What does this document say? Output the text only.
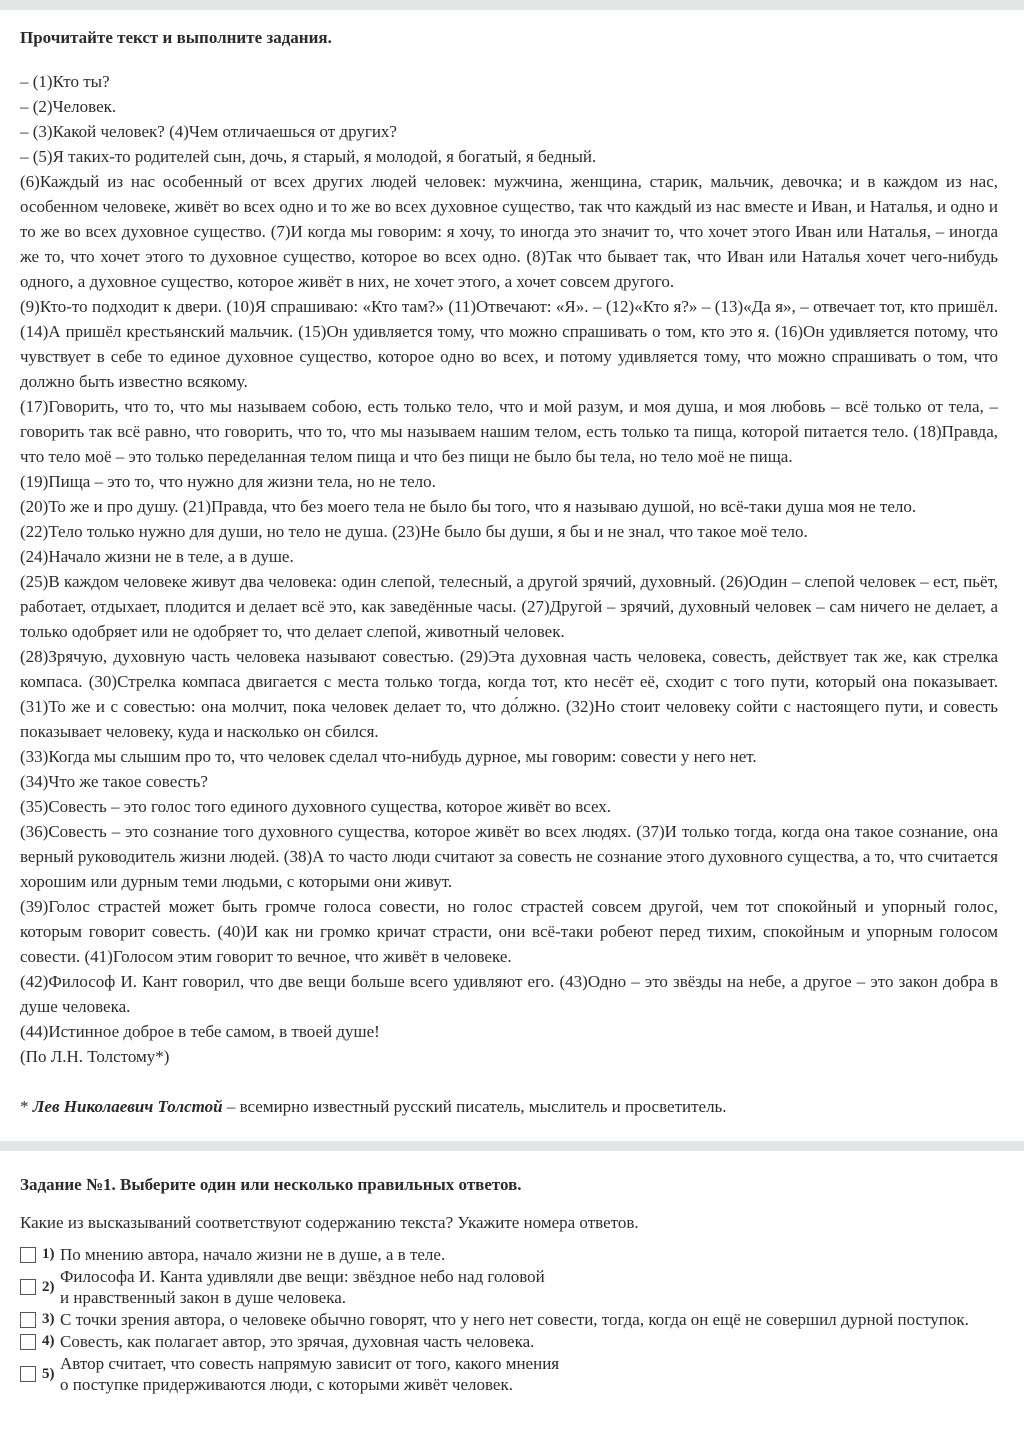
Прочитайте текст и выполните задания.

– (1)Кто ты?

– (2)Человек.

– (3)Какой человек? (4)Чем отличаешься от других?

– (5)Я таких-то родителей сын, дочь, я старый, я молодой, я богатый, я бедный.

(6)Каждый из нас особенный от всех других людей человек: мужчина, женщина, старик, мальчик, девочка; и в каждом из нас, особенном человеке, живёт во всех одно и то же во всех духовное существо, так что каждый из нас вместе и Иван, и Наталья, и одно и то же во всех духовное существо. (7)И когда мы говорим: я хочу, то иногда это значит то, что хочет этого Иван или Наталья, – иногда же то, что хочет этого то духовное существо, которое во всех одно. (8)Так что бывает так, что Иван или Наталья хочет чего-нибудь одного, а духовное существо, которое живёт в них, не хочет этого, а хочет совсем другого.

(9)Кто-то подходит к двери. (10)Я спрашиваю: «Кто там?» (11)Отвечают: «Я». – (12)«Кто я?» – (13)«Да я», – отвечает тот, кто пришёл. (14)А пришёл крестьянский мальчик. (15)Он удивляется тому, что можно спрашивать о том, кто это я. (16)Он удивляется потому, что чувствует в себе то единое духовное существо, которое одно во всех, и потому удивляется тому, что можно спрашивать о том, что должно быть известно всякому.

(17)Говорить, что то, что мы называем собою, есть только тело, что и мой разум, и моя душа, и моя любовь – всё только от тела, – говорить так всё равно, что говорить, что то, что мы называем нашим телом, есть только та пища, которой питается тело. (18)Правда, что тело моё – это только переделанная телом пища и что без пищи не было бы тела, но тело моё не пища.

(19)Пища – это то, что нужно для жизни тела, но не тело.

(20)То же и про душу. (21)Правда, что без моего тела не было бы того, что я называю душой, но всё-таки душа моя не тело.

(22)Тело только нужно для души, но тело не душа. (23)Не было бы души, я бы и не знал, что такое моё тело.

(24)Начало жизни не в теле, а в душе.

(25)В каждом человеке живут два человека: один слепой, телесный, а другой зрячий, духовный. (26)Один – слепой человек – ест, пьёт, работает, отдыхает, плодится и делает всё это, как заведённые часы. (27)Другой – зрячий, духовный человек – сам ничего не делает, а только одобряет или не одобряет то, что делает слепой, животный человек.

(28)Зрячую, духовную часть человека называют совестью. (29)Эта духовная часть человека, совесть, действует так же, как стрелка компаса. (30)Стрелка компаса двигается с места только тогда, когда тот, кто несёт её, сходит с того пути, который она показывает. (31)То же и с совестью: она молчит, пока человек делает то, что до́лжно. (32)Но стоит человеку сойти с настоящего пути, и совесть показывает человеку, куда и насколько он сбился.

(33)Когда мы слышим про то, что человек сделал что-нибудь дурное, мы говорим: совести у него нет.

(34)Что же такое совесть?

(35)Совесть – это голос того единого духовного существа, которое живёт во всех.

(36)Совесть – это сознание того духовного существа, которое живёт во всех людях. (37)И только тогда, когда она такое сознание, она верный руководитель жизни людей. (38)А то часто люди считают за совесть не сознание этого духовного существа, а то, что считается хорошим или дурным теми людьми, с которыми они живут.

(39)Голос страстей может быть громче голоса совести, но голос страстей совсем другой, чем тот спокойный и упорный голос, которым говорит совесть. (40)И как ни громко кричат страсти, они всё-таки робеют перед тихим, спокойным и упорным голосом совести. (41)Голосом этим говорит то вечное, что живёт в человеке.

(42)Философ И. Кант говорил, что две вещи больше всего удивляют его. (43)Одно – это звёзды на небе, а другое – это закон добра в душе человека.

(44)Истинное доброе в тебе самом, в твоей душе!

(По Л.Н. Толстому*)

* Лев Николаевич Толстой – всемирно известный русский писатель, мыслитель и просветитель.
Задание №1. Выберите один или несколько правильных ответов.
Какие из высказываний соответствуют содержанию текста? Укажите номера ответов.
1) По мнению автора, начало жизни не в душе, а в теле.
2)
Философа И. Канта удивляли две вещи: звёздное небо над головой
и нравственный закон в душе человека.
3) С точки зрения автора, о человеке обычно говорят, что у него нет совести, тогда, когда он ещё не совершил дурной поступок.
4) Совесть, как полагает автор, это зрячая, духовная часть человека.
5)
Автор считает, что совесть напрямую зависит от того, какого мнения
о поступке придерживаются люди, с которыми живёт человек.
